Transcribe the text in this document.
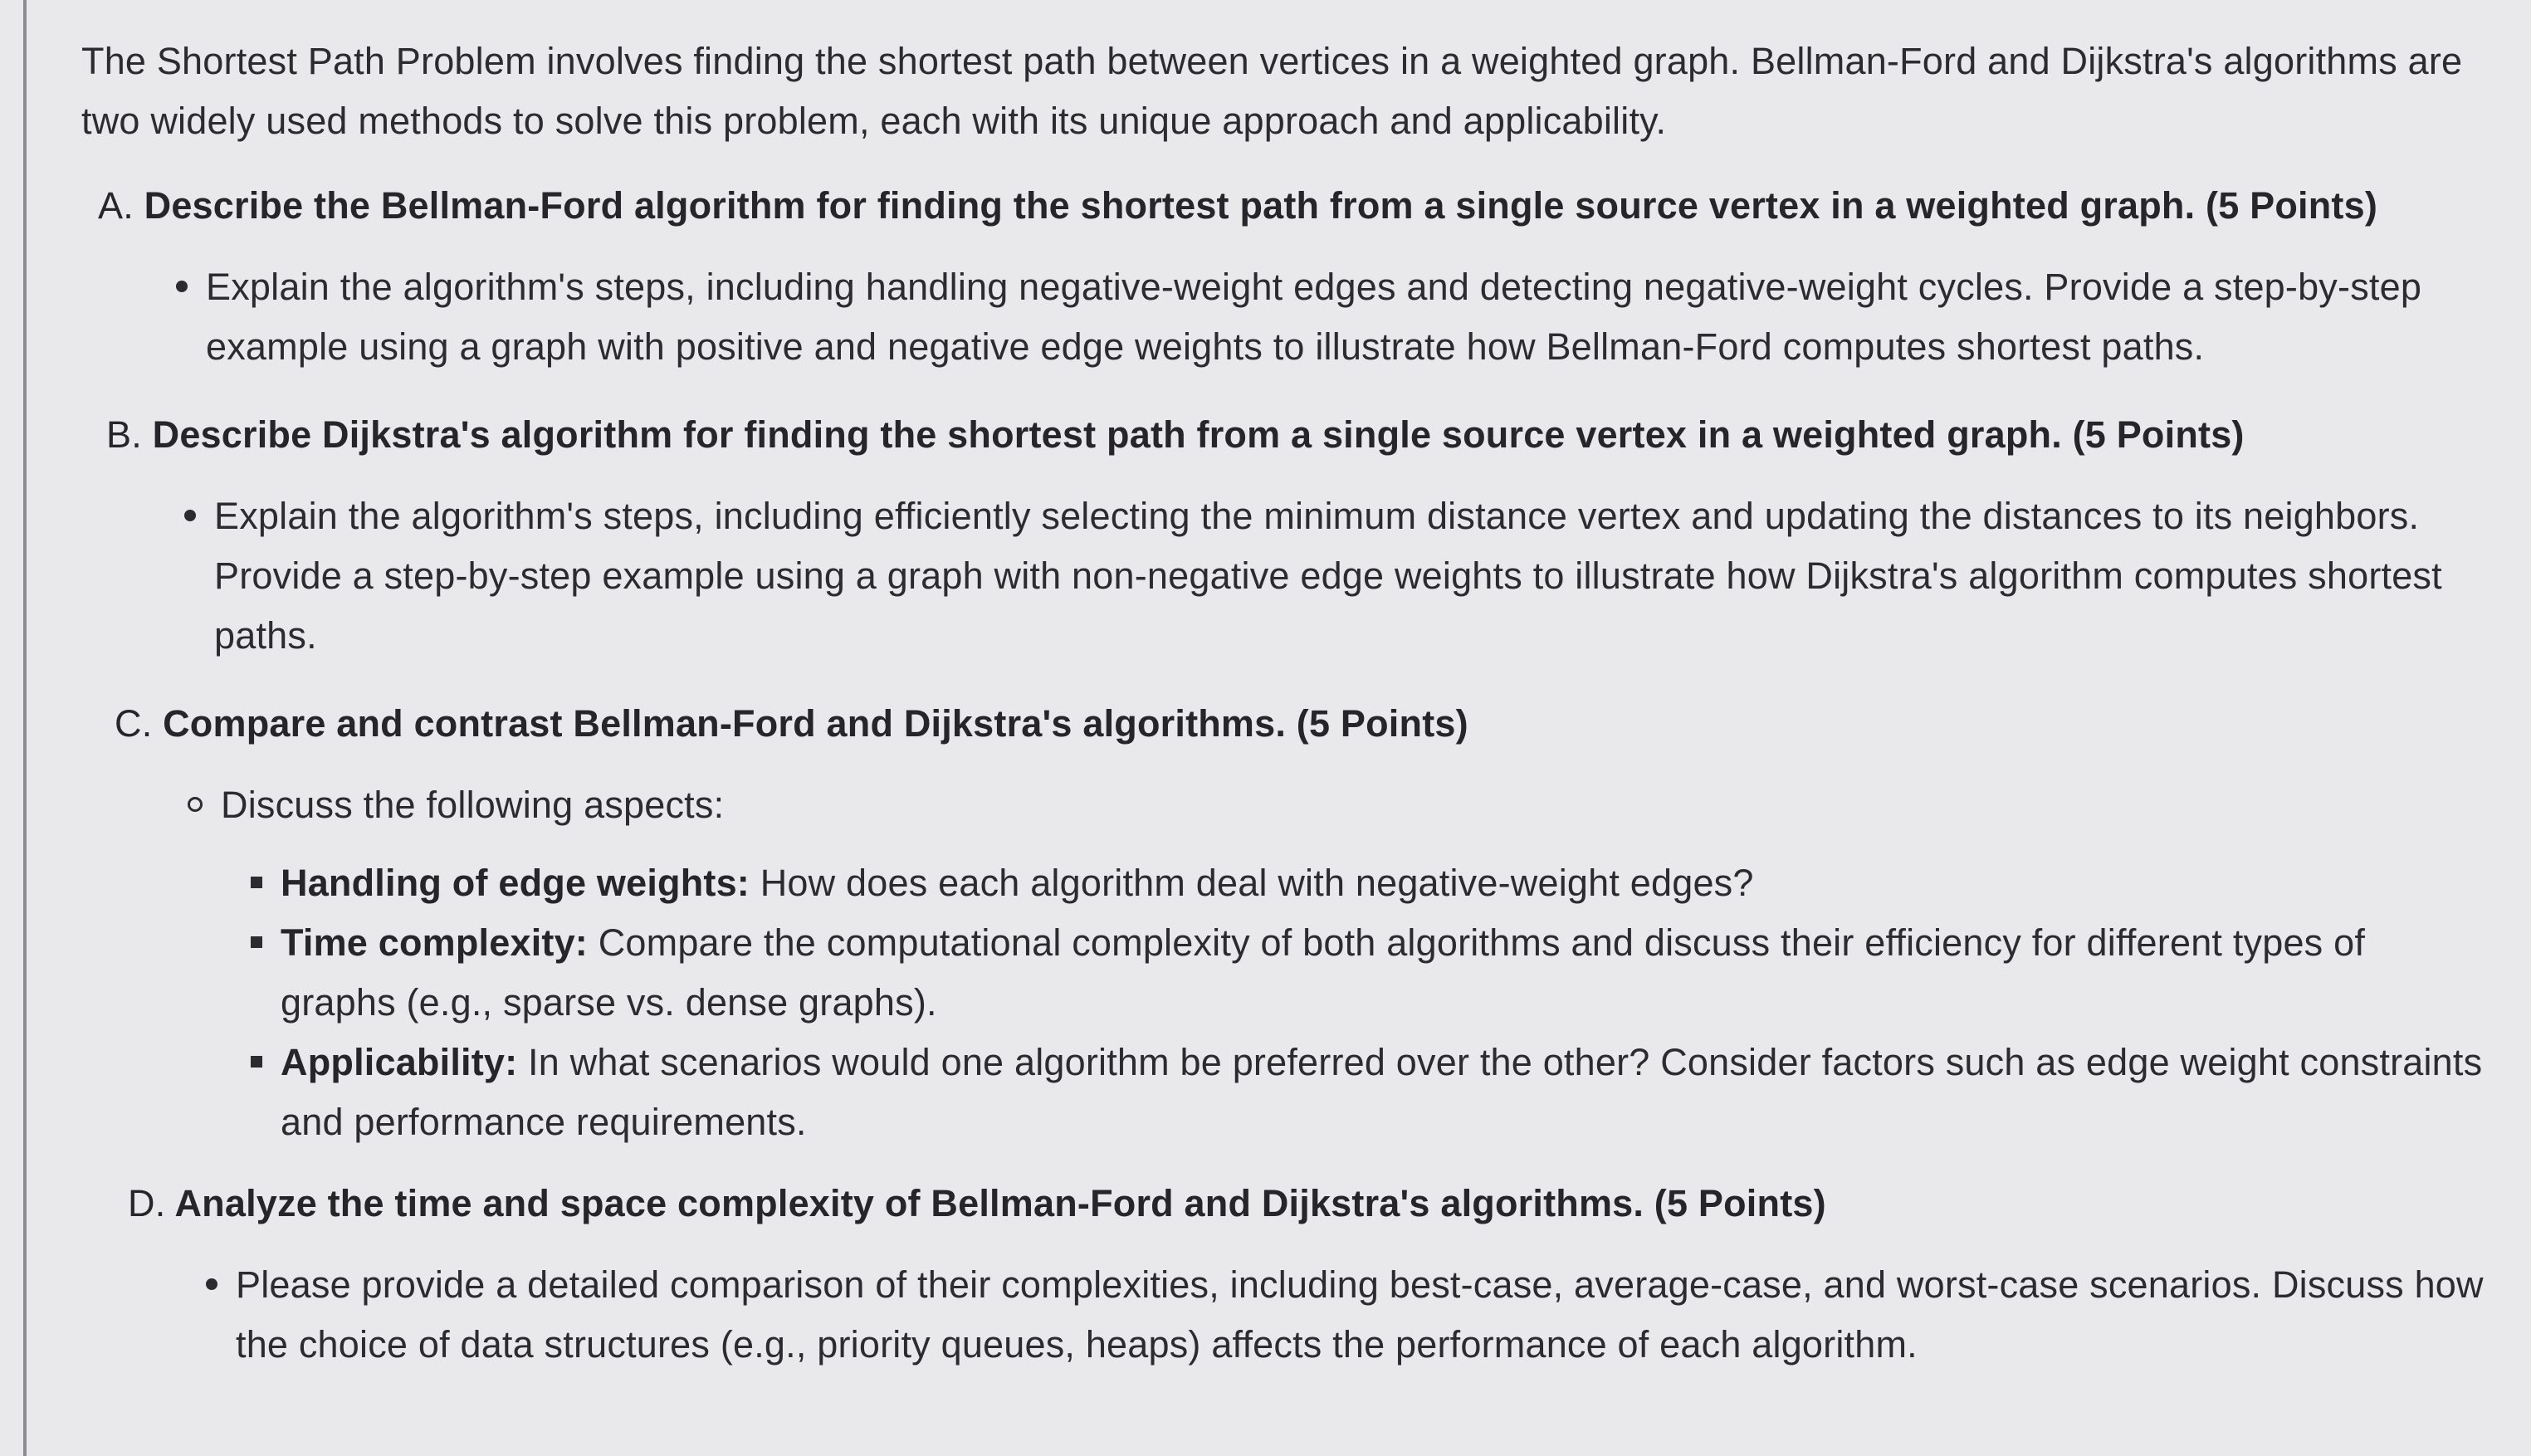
The Shortest Path Problem involves finding the shortest path between vertices in a weighted graph. Bellman-Ford and Dijkstra's algorithms are two widely used methods to solve this problem, each with its unique approach and applicability.

A. Describe the Bellman-Ford algorithm for finding the shortest path from a single source vertex in a weighted graph. (5 Points)

Explain the algorithm's steps, including handling negative-weight edges and detecting negative-weight cycles. Provide a step-by-step example using a graph with positive and negative edge weights to illustrate how Bellman-Ford computes shortest paths.

B. Describe Dijkstra's algorithm for finding the shortest path from a single source vertex in a weighted graph. (5 Points)

Explain the algorithm's steps, including efficiently selecting the minimum distance vertex and updating the distances to its neighbors. Provide a step-by-step example using a graph with non-negative edge weights to illustrate how Dijkstra's algorithm computes shortest paths.

C. Compare and contrast Bellman-Ford and Dijkstra's algorithms. (5 Points)

Discuss the following aspects:
Handling of edge weights: How does each algorithm deal with negative-weight edges?
Time complexity: Compare the computational complexity of both algorithms and discuss their efficiency for different types of graphs (e.g., sparse vs. dense graphs).
Applicability: In what scenarios would one algorithm be preferred over the other? Consider factors such as edge weight constraints and performance requirements.

D. Analyze the time and space complexity of Bellman-Ford and Dijkstra's algorithms. (5 Points)

Please provide a detailed comparison of their complexities, including best-case, average-case, and worst-case scenarios. Discuss how the choice of data structures (e.g., priority queues, heaps) affects the performance of each algorithm.
